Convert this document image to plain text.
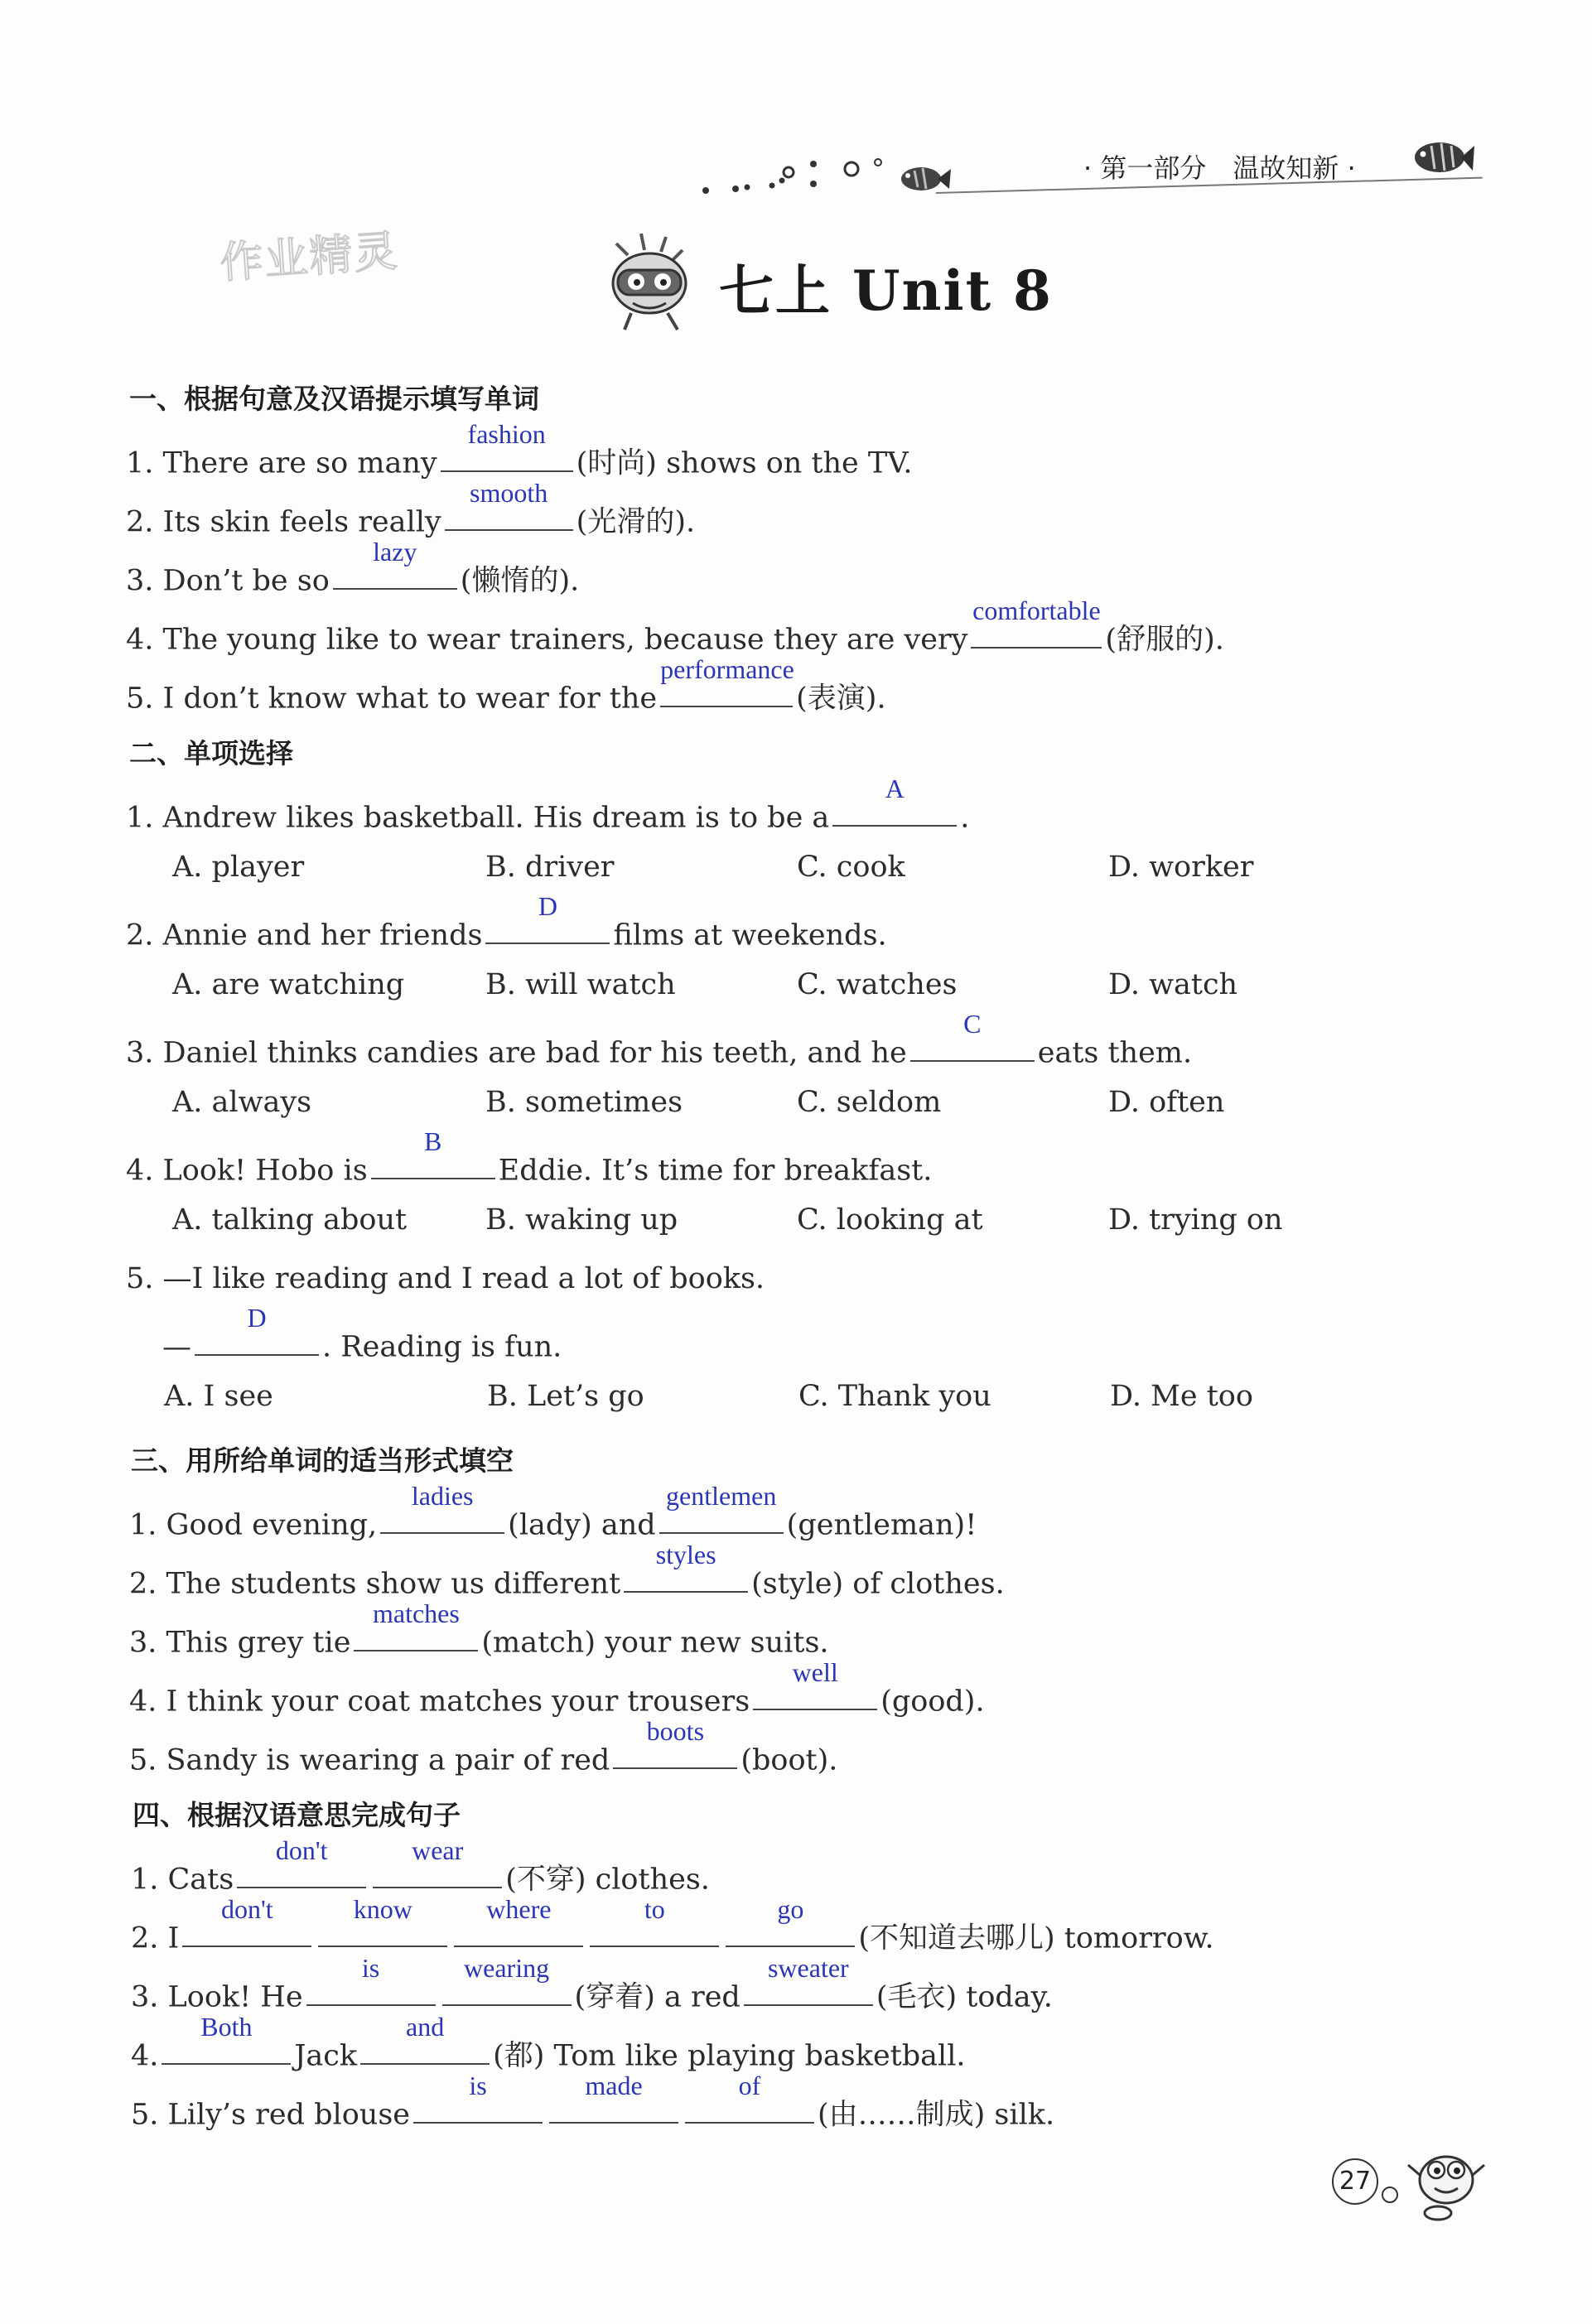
· 第一部分　温故知新 ·
作业精灵
七上 Unit 8
一、根据句意及汉语提示填写单词
1. There are so many
fashion
(时尚) shows on the TV.
2. Its skin feels really
smooth
(光滑的).
3. Don’t be so
lazy
(懒惰的).
4. The young like to wear trainers, because they are very
comfortable
(舒服的).
5. I don’t know what to wear for the
performance
(表演).
二、单项选择
1. Andrew likes basketball. His dream is to be a
A
.
A. player	B. driver	C. cook	D. worker
2. Annie and her friends
D
films at weekends.
A. are watching	B. will watch	C. watches	D. watch
3. Daniel thinks candies are bad for his teeth, and he
C
eats them.
A. always	B. sometimes	C. seldom	D. often
4. Look! Hobo is
B
Eddie. It’s time for breakfast.
A. talking about	B. waking up	C. looking at	D. trying on
5. —I like reading and I read a lot of books.
—
D
. Reading is fun.
A. I see	B. Let’s go	C. Thank you	D. Me too
三、用所给单词的适当形式填空
1. Good evening,
ladies
(lady) and
gentlemen
(gentleman)!
2. The students show us different
styles
(style) of clothes.
3. This grey tie
matches
(match) your new suits.
4. I think your coat matches your trousers
well
(good).
5. Sandy is wearing a pair of red
boots
(boot).
四、根据汉语意思完成句子
1. Cats
don't	wear
(不穿) clothes.
2. I
don't	know	where	to	go
(不知道去哪儿) tomorrow.
3. Look! He
is	wearing
(穿着) a red
sweater
(毛衣) today.
4.
Both
Jack
and
(都) Tom like playing basketball.
5. Lily’s red blouse
is	made	of
(由……制成) silk.
27
